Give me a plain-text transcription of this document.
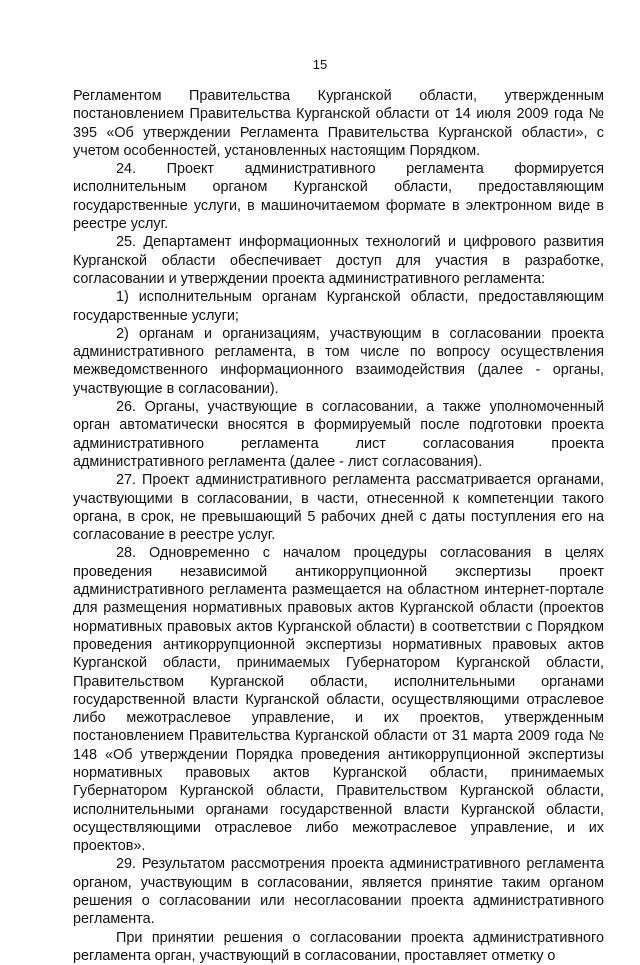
15

Регламентом Правительства Курганской области, утвержденным постановлением Правительства Курганской области от 14 июля 2009 года № 395 «Об утверждении Регламента Правительства Курганской области», с учетом особенностей, установленных настоящим Порядком.

24. Проект административного регламента формируется исполнительным органом Курганской области, предоставляющим государственные услуги, в машиночитаемом формате в электронном виде в реестре услуг.

25. Департамент информационных технологий и цифрового развития Курганской области обеспечивает доступ для участия в разработке, согласовании и утверждении проекта административного регламента:

1) исполнительным органам Курганской области, предоставляющим государственные услуги;

2) органам и организациям, участвующим в согласовании проекта административного регламента, в том числе по вопросу осуществления межведомственного информационного взаимодействия (далее - органы, участвующие в согласовании).

26. Органы, участвующие в согласовании, а также уполномоченный орган автоматически вносятся в формируемый после подготовки проекта административного регламента лист согласования проекта административного регламента (далее - лист согласования).

27. Проект административного регламента рассматривается органами, участвующими в согласовании, в части, отнесенной к компетенции такого органа, в срок, не превышающий 5 рабочих дней с даты поступления его на согласование в реестре услуг.

28. Одновременно с началом процедуры согласования в целях проведения независимой антикоррупционной экспертизы проект административного регламента размещается на областном интернет-портале для размещения нормативных правовых актов Курганской области (проектов нормативных правовых актов Курганской области) в соответствии с Порядком проведения антикоррупционной экспертизы нормативных правовых актов Курганской области, принимаемых Губернатором Курганской области, Правительством Курганской области, исполнительными органами государственной власти Курганской области, осуществляющими отраслевое либо межотраслевое управление, и их проектов, утвержденным постановлением Правительства Курганской области от 31 марта 2009 года № 148 «Об утверждении Порядка проведения антикоррупционной экспертизы нормативных правовых актов Курганской области, принимаемых Губернатором Курганской области, Правительством Курганской области, исполнительными органами государственной власти Курганской области, осуществляющими отраслевое либо межотраслевое управление, и их проектов».

29. Результатом рассмотрения проекта административного регламента органом, участвующим в согласовании, является принятие таким органом решения о согласовании или несогласовании проекта административного регламента.

При принятии решения о согласовании проекта административного регламента орган, участвующий в согласовании, проставляет отметку о
